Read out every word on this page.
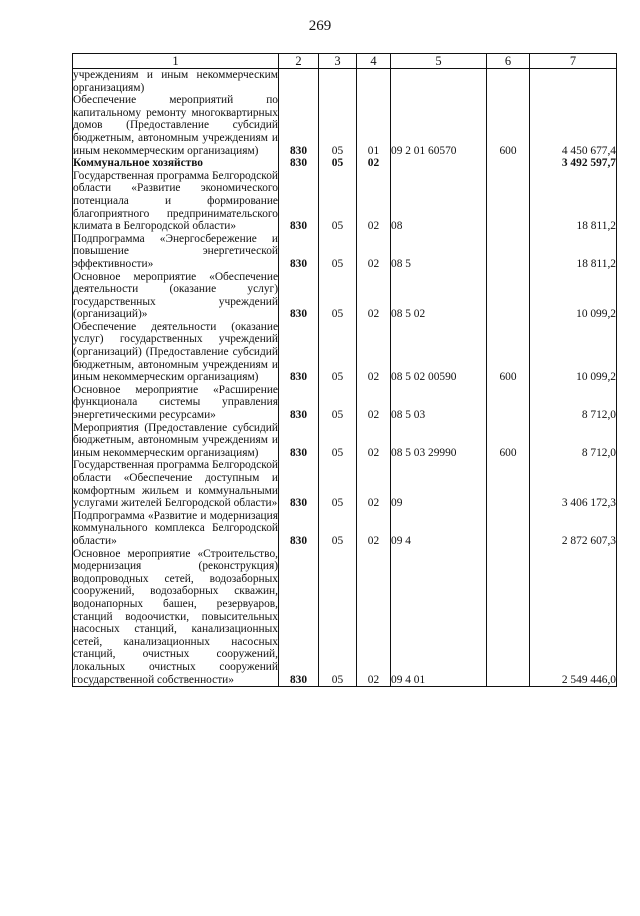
269
1	2	3	4	5	6	7
учреждениям и иным некоммерческим организациям)						
Обеспечение мероприятий по капитальному ремонту многоквартирных домов (Предоставление субсидий бюджетным, автономным учреждениям и иным некоммерческим организациям)	830	05	01	09 2 01 60570	600	4 450 677,4
Коммунальное хозяйство	830	05	02			3 492 597,7
Государственная программа Белгородской области «Развитие экономического потенциала и формирование благоприятного предпринимательского климата в Белгородской области»	830	05	02	08		18 811,2
Подпрограмма «Энергосбережение и повышение энергетической эффективности»	830	05	02	08 5		18 811,2
Основное мероприятие «Обеспечение деятельности (оказание услуг) государственных учреждений (организаций)»	830	05	02	08 5 02		10 099,2
Обеспечение деятельности (оказание услуг) государственных учреждений (организаций) (Предоставление субсидий бюджетным, автономным учреждениям и иным некоммерческим организациям)	830	05	02	08 5 02 00590	600	10 099,2
Основное мероприятие «Расширение функционала системы управления энергетическими ресурсами»	830	05	02	08 5 03		8 712,0
Мероприятия (Предоставление субсидий бюджетным, автономным учреждениям и иным некоммерческим организациям)	830	05	02	08 5 03 29990	600	8 712,0
Государственная программа Белгородской области «Обеспечение доступным и комфортным жильем и коммунальными услугами жителей Белгородской области»	830	05	02	09		3 406 172,3
Подпрограмма «Развитие и модернизация коммунального комплекса Белгородской области»	830	05	02	09 4		2 872 607,3
Основное мероприятие «Строительство, модернизация (реконструкция) водопроводных сетей, водозаборных сооружений, водозаборных скважин, водонапорных башен, резервуаров, станций водоочистки, повысительных насосных станций, канализационных сетей, канализационных насосных станций, очистных сооружений, локальных очистных сооружений государственной собственности»	830	05	02	09 4 01		2 549 446,0
